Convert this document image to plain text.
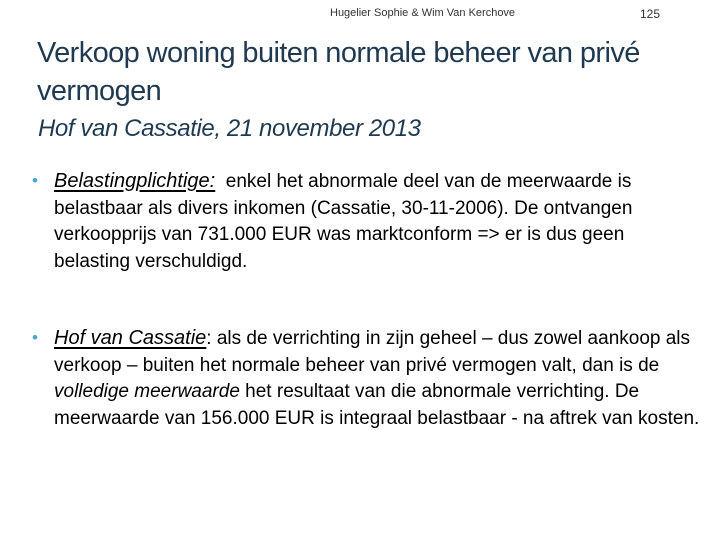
Hugelier Sophie & Wim Van Kerchove	125
Verkoop woning buiten normale beheer van privé vermogen
Hof van Cassatie, 21 november 2013
• Belastingplichtige:  enkel het abnormale deel van de meerwaarde is belastbaar als divers inkomen (Cassatie, 30-11-2006). De ontvangen verkoopprijs van 731.000 EUR was marktconform => er is dus geen belasting verschuldigd.
• Hof van Cassatie: als de verrichting in zijn geheel – dus zowel aankoop als verkoop – buiten het normale beheer van privé vermogen valt, dan is de volledige meerwaarde het resultaat van die abnormale verrichting. De meerwaarde van 156.000 EUR is integraal belastbaar - na aftrek van kosten.
